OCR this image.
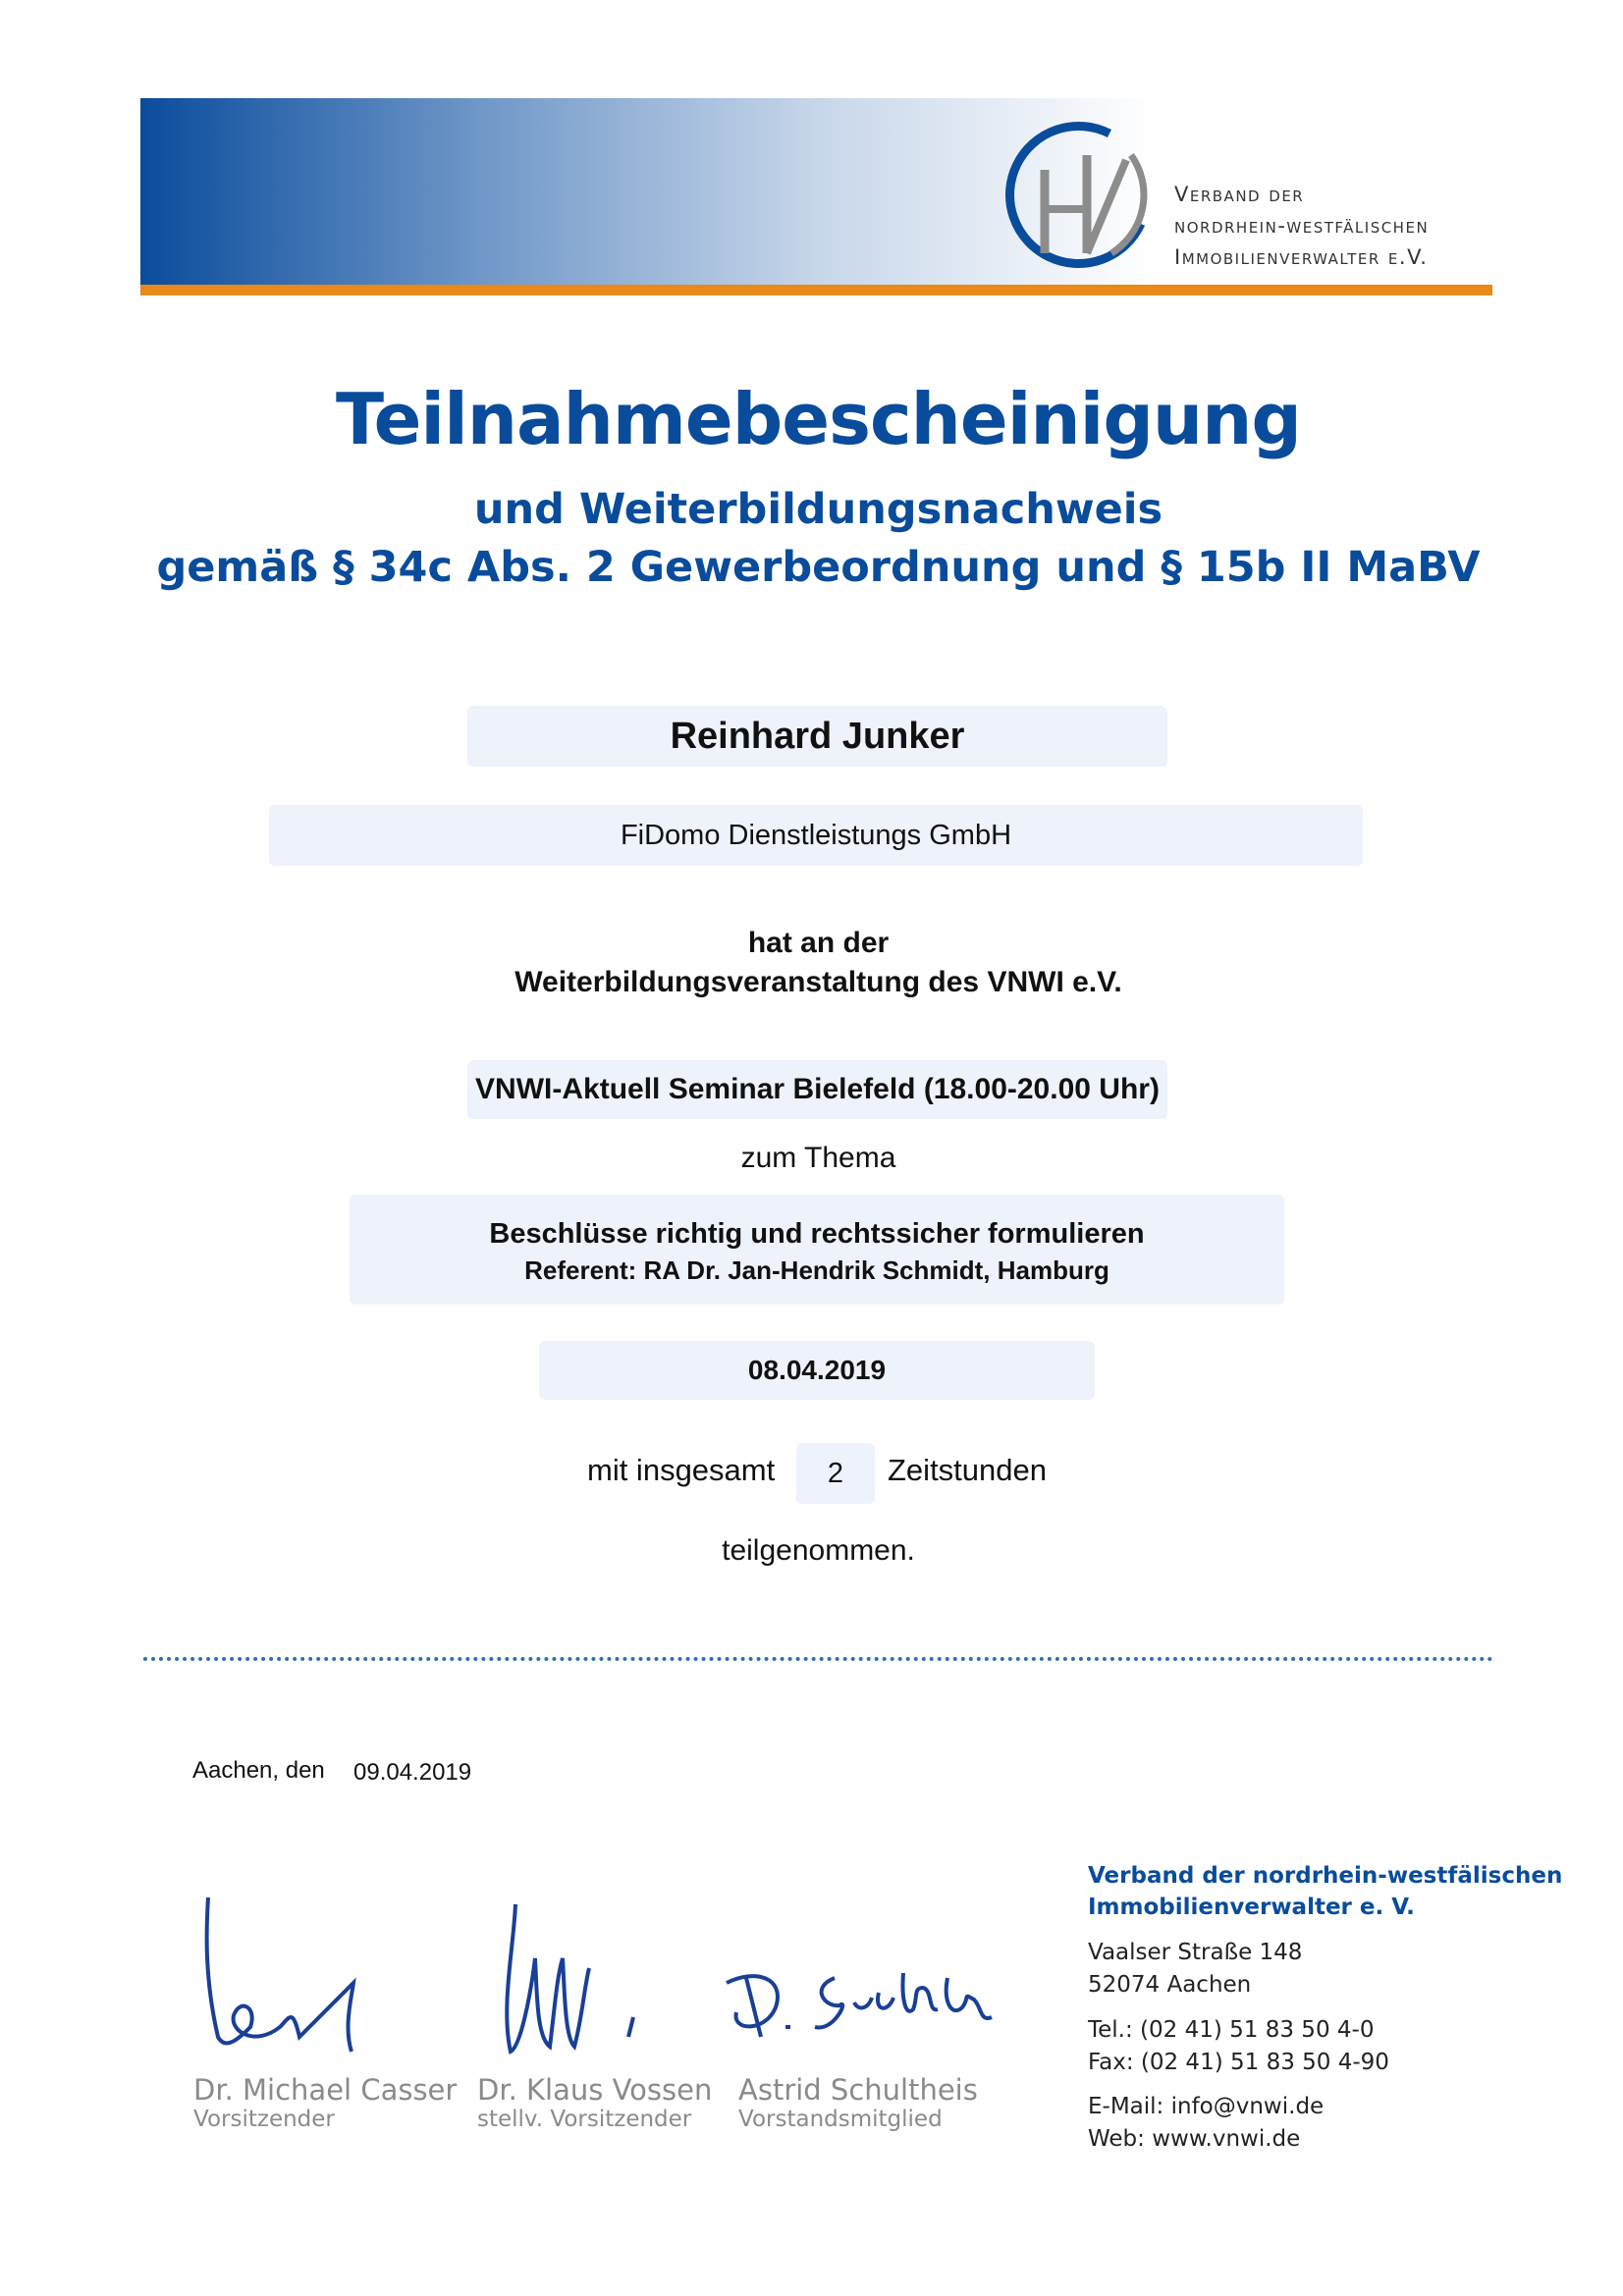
Verband der
nordrhein-westfälischen
Immobilienverwalter e.V.
Teilnahmebescheinigung
und Weiterbildungsnachweis
gemäß § 34c Abs. 2 Gewerbeordnung und § 15b II MaBV
Reinhard Junker
FiDomo Dienstleistungs GmbH
hat an der
Weiterbildungsveranstaltung des VNWI e.V.
VNWI-Aktuell Seminar Bielefeld (18.00-20.00 Uhr)
zum Thema
Beschlüsse richtig und rechtssicher formulieren
Referent: RA Dr. Jan-Hendrik Schmidt, Hamburg
08.04.2019
mit insgesamt	2	Zeitstunden
teilgenommen.
Aachen, den 09.04.2019
Dr. Michael Casser
Vorsitzender
Dr. Klaus Vossen
stellv. Vorsitzender
Astrid Schultheis
Vorstandsmitglied
Verband der nordrhein-westfälischen
Immobilienverwalter e. V.
Vaalser Straße 148
52074 Aachen
Tel.: (02 41) 51 83 50 4-0
Fax: (02 41) 51 83 50 4-90
E-Mail: info@vnwi.de
Web: www.vnwi.de
